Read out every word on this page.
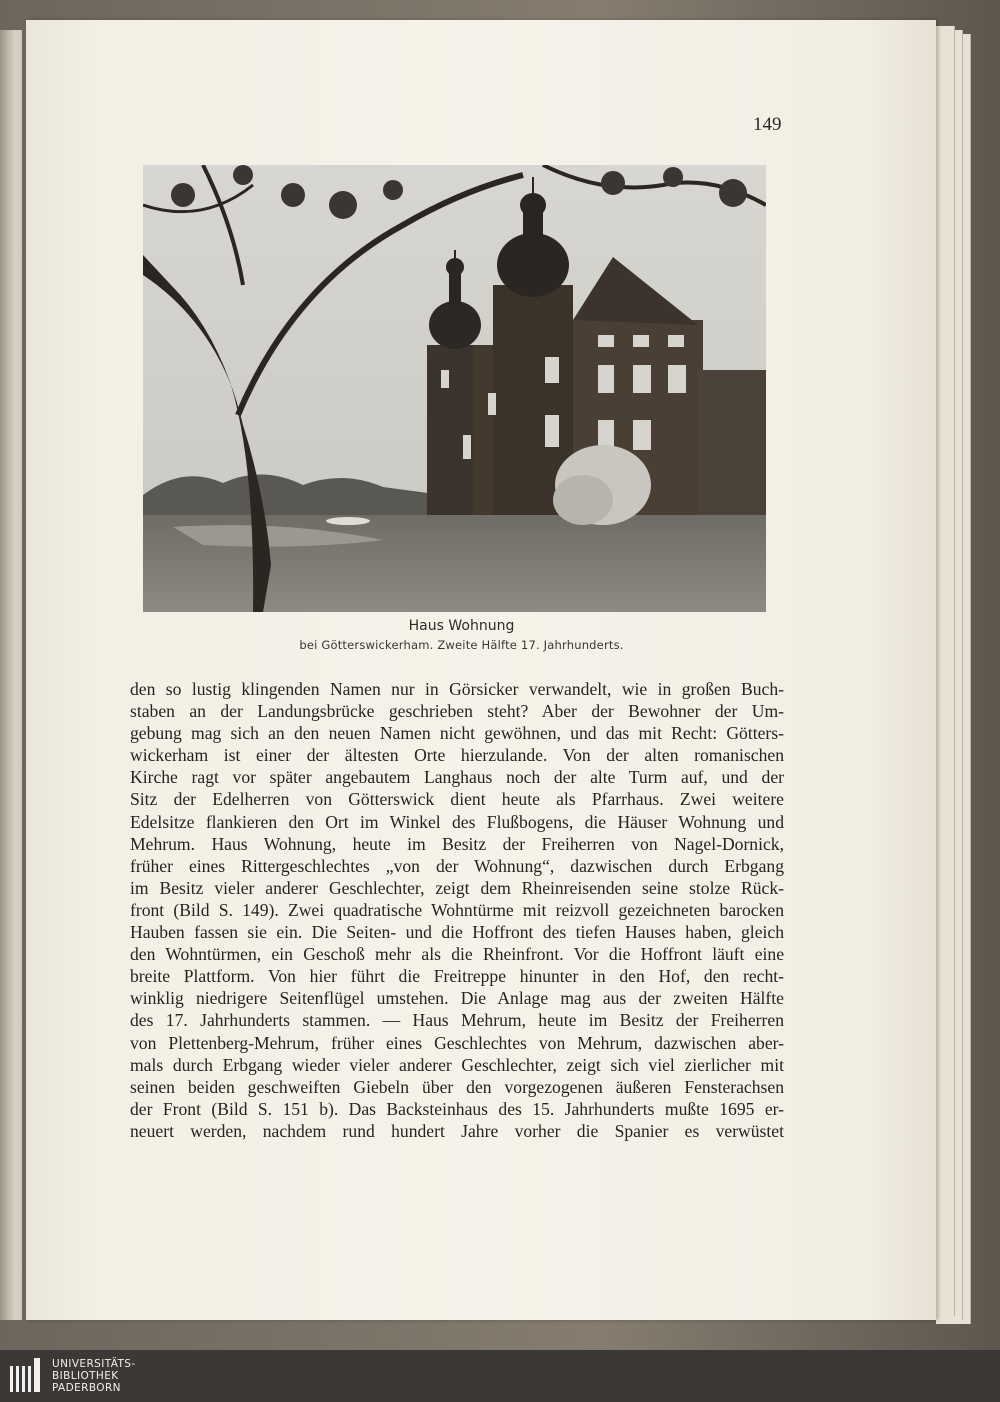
149
Haus Wohnung
bei Götterswickerham. Zweite Hälfte 17. Jahrhunderts.
den so lustig klingenden Namen nur in Görsicker verwandelt, wie in großen Buch-
staben an der Landungsbrücke geschrieben steht? Aber der Bewohner der Um-
gebung mag sich an den neuen Namen nicht gewöhnen, und das mit Recht: Götters-
wickerham ist einer der ältesten Orte hierzulande. Von der alten romanischen
Kirche ragt vor später angebautem Langhaus noch der alte Turm auf, und der
Sitz der Edelherren von Götterswick dient heute als Pfarrhaus. Zwei weitere
Edelsitze flankieren den Ort im Winkel des Flußbogens, die Häuser Wohnung und
Mehrum. Haus Wohnung, heute im Besitz der Freiherren von Nagel-Dornick,
früher eines Rittergeschlechtes „von der Wohnung“, dazwischen durch Erbgang
im Besitz vieler anderer Geschlechter, zeigt dem Rheinreisenden seine stolze Rück-
front (Bild S. 149). Zwei quadratische Wohntürme mit reizvoll gezeichneten barocken
Hauben fassen sie ein. Die Seiten- und die Hoffront des tiefen Hauses haben, gleich
den Wohntürmen, ein Geschoß mehr als die Rheinfront. Vor die Hoffront läuft eine
breite Plattform. Von hier führt die Freitreppe hinunter in den Hof, den recht-
winklig niedrigere Seitenflügel umstehen. Die Anlage mag aus der zweiten Hälfte
des 17. Jahrhunderts stammen. — Haus Mehrum, heute im Besitz der Freiherren
von Plettenberg-Mehrum, früher eines Geschlechtes von Mehrum, dazwischen aber-
mals durch Erbgang wieder vieler anderer Geschlechter, zeigt sich viel zierlicher mit
seinen beiden geschweiften Giebeln über den vorgezogenen äußeren Fensterachsen
der Front (Bild S. 151 b). Das Backsteinhaus des 15. Jahrhunderts mußte 1695 er-
neuert werden, nachdem rund hundert Jahre vorher die Spanier es verwüstet
UNIVERSITÄTS-
BIBLIOTHEK
PADERBORN
